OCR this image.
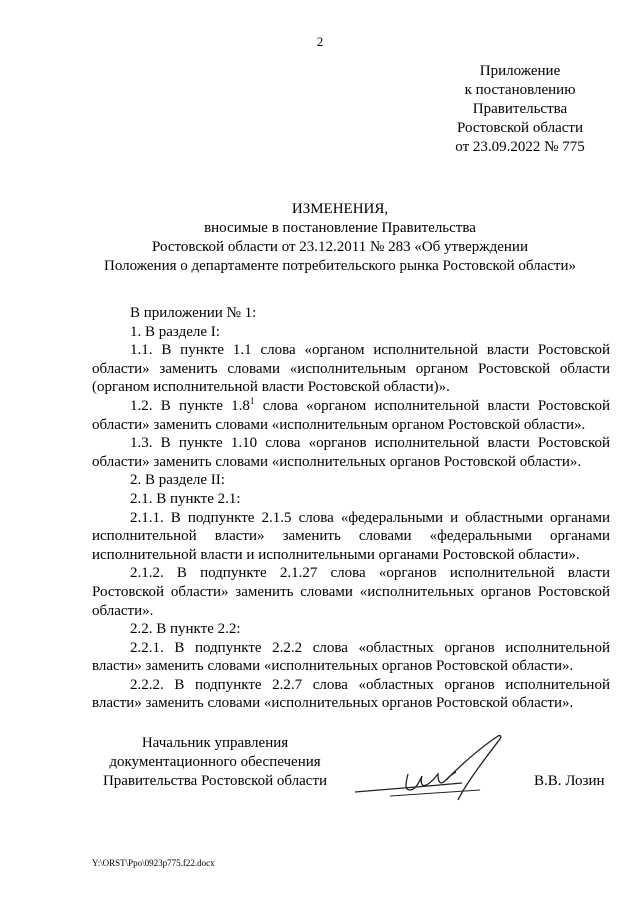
2
Приложение
к постановлению
Правительства
Ростовской области
от 23.09.2022 № 775
ИЗМЕНЕНИЯ,
вносимые в постановление Правительства
Ростовской области от 23.12.2011 № 283 «Об утверждении
Положения о департаменте потребительского рынка Ростовской области»

В приложении № 1:

1. В разделе I:

1.1. В пункте 1.1 слова «органом исполнительной власти Ростовской области» заменить словами «исполнительным органом Ростовской области (органом исполнительной власти Ростовской области)».

1.2. В пункте $1.8^1$ слова «органом исполнительной власти Ростовской области» заменить словами «исполнительным органом Ростовской области».

1.3. В пункте 1.10 слова «органов исполнительной власти Ростовской области» заменить словами «исполнительных органов Ростовской области».

2. В разделе II:

2.1. В пункте 2.1:

2.1.1. В подпункте 2.1.5 слова «федеральными и областными органами исполнительной власти» заменить словами «федеральными органами исполнительной власти и исполнительными органами Ростовской области».

2.1.2. В подпункте 2.1.27 слова «органов исполнительной власти Ростовской области» заменить словами «исполнительных органов Ростовской области».

2.2. В пункте 2.2:

2.2.1. В подпункте 2.2.2 слова «областных органов исполнительной власти» заменить словами «исполнительных органов Ростовской области».

2.2.2. В подпункте 2.2.7 слова «областных органов исполнительной власти» заменить словами «исполнительных органов Ростовской области».

Начальник управления
документационного обеспечения
Правительства Ростовской области	В.В. Лозин
Y:\ORST\Ppo\0923p775.f22.docx
